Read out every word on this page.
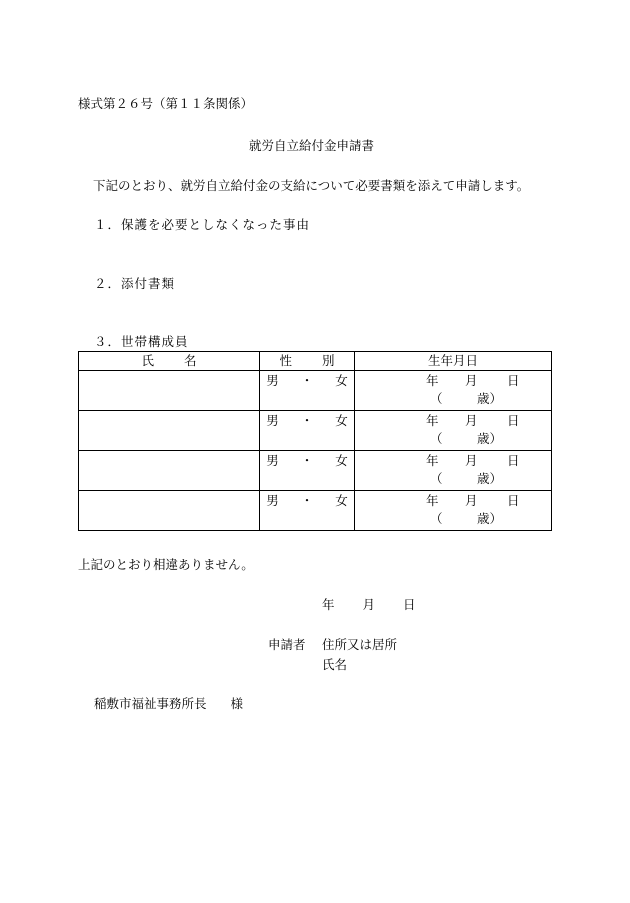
様式第２６号（第１１条関係）
就労自立給付金申請書
下記のとおり、就労自立給付金の支給について必要書類を添えて申請します。
１．保護を必要としなくなった事由
２．添付書類
３．世帯構成員
氏 名	性 別	生年月日

	男 ・ 女	年 月 日
（ 歳）

	男 ・ 女	年 月 日
（ 歳）

	男 ・ 女	年 月 日
（ 歳）

	男 ・ 女	年 月 日
（ 歳）
上記のとおり相違ありません。
年 月 日
申請者 住所又は居所
氏名
稲敷市福祉事務所長 様
